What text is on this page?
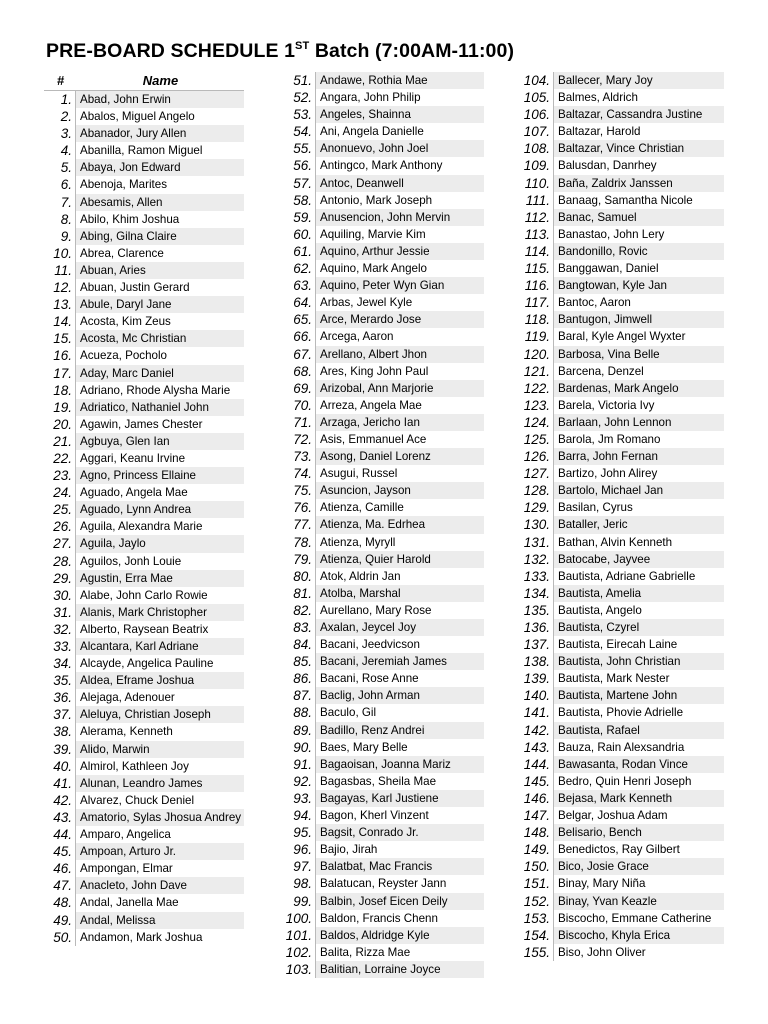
PRE-BOARD SCHEDULE 1ST Batch (7:00AM-11:00)
#	Name
1. Abad, John Erwin
2. Abalos, Miguel Angelo
3. Abanador, Jury Allen
4. Abanilla, Ramon Miguel
5. Abaya, Jon Edward
6. Abenoja, Marites
7. Abesamis, Allen
8. Abilo, Khim Joshua
9. Abing, Gilna Claire
10. Abrea, Clarence
11. Abuan, Aries
12. Abuan, Justin Gerard
13. Abule, Daryl Jane
14. Acosta, Kim Zeus
15. Acosta, Mc Christian
16. Acueza, Pocholo
17. Aday, Marc Daniel
18. Adriano, Rhode Alysha Marie
19. Adriatico, Nathaniel John
20. Agawin, James Chester
21. Agbuya, Glen Ian
22. Aggari, Keanu Irvine
23. Agno, Princess Ellaine
24. Aguado, Angela Mae
25. Aguado, Lynn Andrea
26. Aguila, Alexandra Marie
27. Aguila, Jaylo
28. Aguilos, Jonh Louie
29. Agustin, Erra Mae
30. Alabe, John Carlo Rowie
31. Alanis, Mark Christopher
32. Alberto, Raysean Beatrix
33. Alcantara, Karl Adriane
34. Alcayde, Angelica Pauline
35. Aldea, Eframe Joshua
36. Alejaga, Adenouer
37. Aleluya, Christian Joseph
38. Alerama, Kenneth
39. Alido, Marwin
40. Almirol, Kathleen Joy
41. Alunan, Leandro James
42. Alvarez, Chuck Deniel
43. Amatorio, Sylas Jhosua Andrey
44. Amparo, Angelica
45. Ampoan, Arturo Jr.
46. Ampongan, Elmar
47. Anacleto, John Dave
48. Andal, Janella Mae
49. Andal, Melissa
50. Andamon, Mark Joshua
51. Andawe, Rothia Mae
52. Angara, John Philip
53. Angeles, Shainna
54. Ani, Angela Danielle
55. Anonuevo, John Joel
56. Antingco, Mark Anthony
57. Antoc, Deanwell
58. Antonio, Mark Joseph
59. Anusencion, John Mervin
60. Aquiling, Marvie Kim
61. Aquino, Arthur Jessie
62. Aquino, Mark Angelo
63. Aquino, Peter Wyn Gian
64. Arbas, Jewel Kyle
65. Arce, Merardo Jose
66. Arcega, Aaron
67. Arellano, Albert Jhon
68. Ares, King John Paul
69. Arizobal, Ann Marjorie
70. Arreza, Angela Mae
71. Arzaga, Jericho Ian
72. Asis, Emmanuel Ace
73. Asong, Daniel Lorenz
74. Asugui, Russel
75. Asuncion, Jayson
76. Atienza, Camille
77. Atienza, Ma. Edrhea
78. Atienza, Myryll
79. Atienza, Quier Harold
80. Atok, Aldrin Jan
81. Atolba, Marshal
82. Aurellano, Mary Rose
83. Axalan, Jeycel Joy
84. Bacani, Jeedvicson
85. Bacani, Jeremiah James
86. Bacani, Rose Anne
87. Baclig, John Arman
88. Baculo, Gil
89. Badillo, Renz Andrei
90. Baes, Mary Belle
91. Bagaoisan, Joanna Mariz
92. Bagasbas, Sheila Mae
93. Bagayas, Karl Justiene
94. Bagon, Kherl Vinzent
95. Bagsit, Conrado Jr.
96. Bajio, Jirah
97. Balatbat, Mac Francis
98. Balatucan, Reyster Jann
99. Balbin, Josef Eicen Deily
100. Baldon, Francis Chenn
101. Baldos, Aldridge Kyle
102. Balita, Rizza Mae
103. Balitian, Lorraine Joyce
104. Ballecer, Mary Joy
105. Balmes, Aldrich
106. Baltazar, Cassandra Justine
107. Baltazar, Harold
108. Baltazar, Vince Christian
109. Balusdan, Danrhey
110. Baña, Zaldrix Janssen
111. Banaag, Samantha Nicole
112. Banac, Samuel
113. Banastao, John Lery
114. Bandonillo, Rovic
115. Banggawan, Daniel
116. Bangtowan, Kyle Jan
117. Bantoc, Aaron
118. Bantugon, Jimwell
119. Baral, Kyle Angel Wyxter
120. Barbosa, Vina Belle
121. Barcena, Denzel
122. Bardenas, Mark Angelo
123. Barela, Victoria Ivy
124. Barlaan, John Lennon
125. Barola, Jm Romano
126. Barra, John Fernan
127. Bartizo, John Alirey
128. Bartolo, Michael Jan
129. Basilan, Cyrus
130. Bataller, Jeric
131. Bathan, Alvin Kenneth
132. Batocabe, Jayvee
133. Bautista, Adriane Gabrielle
134. Bautista, Amelia
135. Bautista, Angelo
136. Bautista, Czyrel
137. Bautista, Eirecah Laine
138. Bautista, John Christian
139. Bautista, Mark Nester
140. Bautista, Martene John
141. Bautista, Phovie Adrielle
142. Bautista, Rafael
143. Bauza, Rain Alexsandria
144. Bawasanta, Rodan Vince
145. Bedro, Quin Henri Joseph
146. Bejasa, Mark Kenneth
147. Belgar, Joshua Adam
148. Belisario, Bench
149. Benedictos, Ray Gilbert
150. Bico, Josie Grace
151. Binay, Mary Niña
152. Binay, Yvan Keazle
153. Biscocho, Emmane Catherine
154. Biscocho, Khyla Erica
155. Biso, John Oliver
